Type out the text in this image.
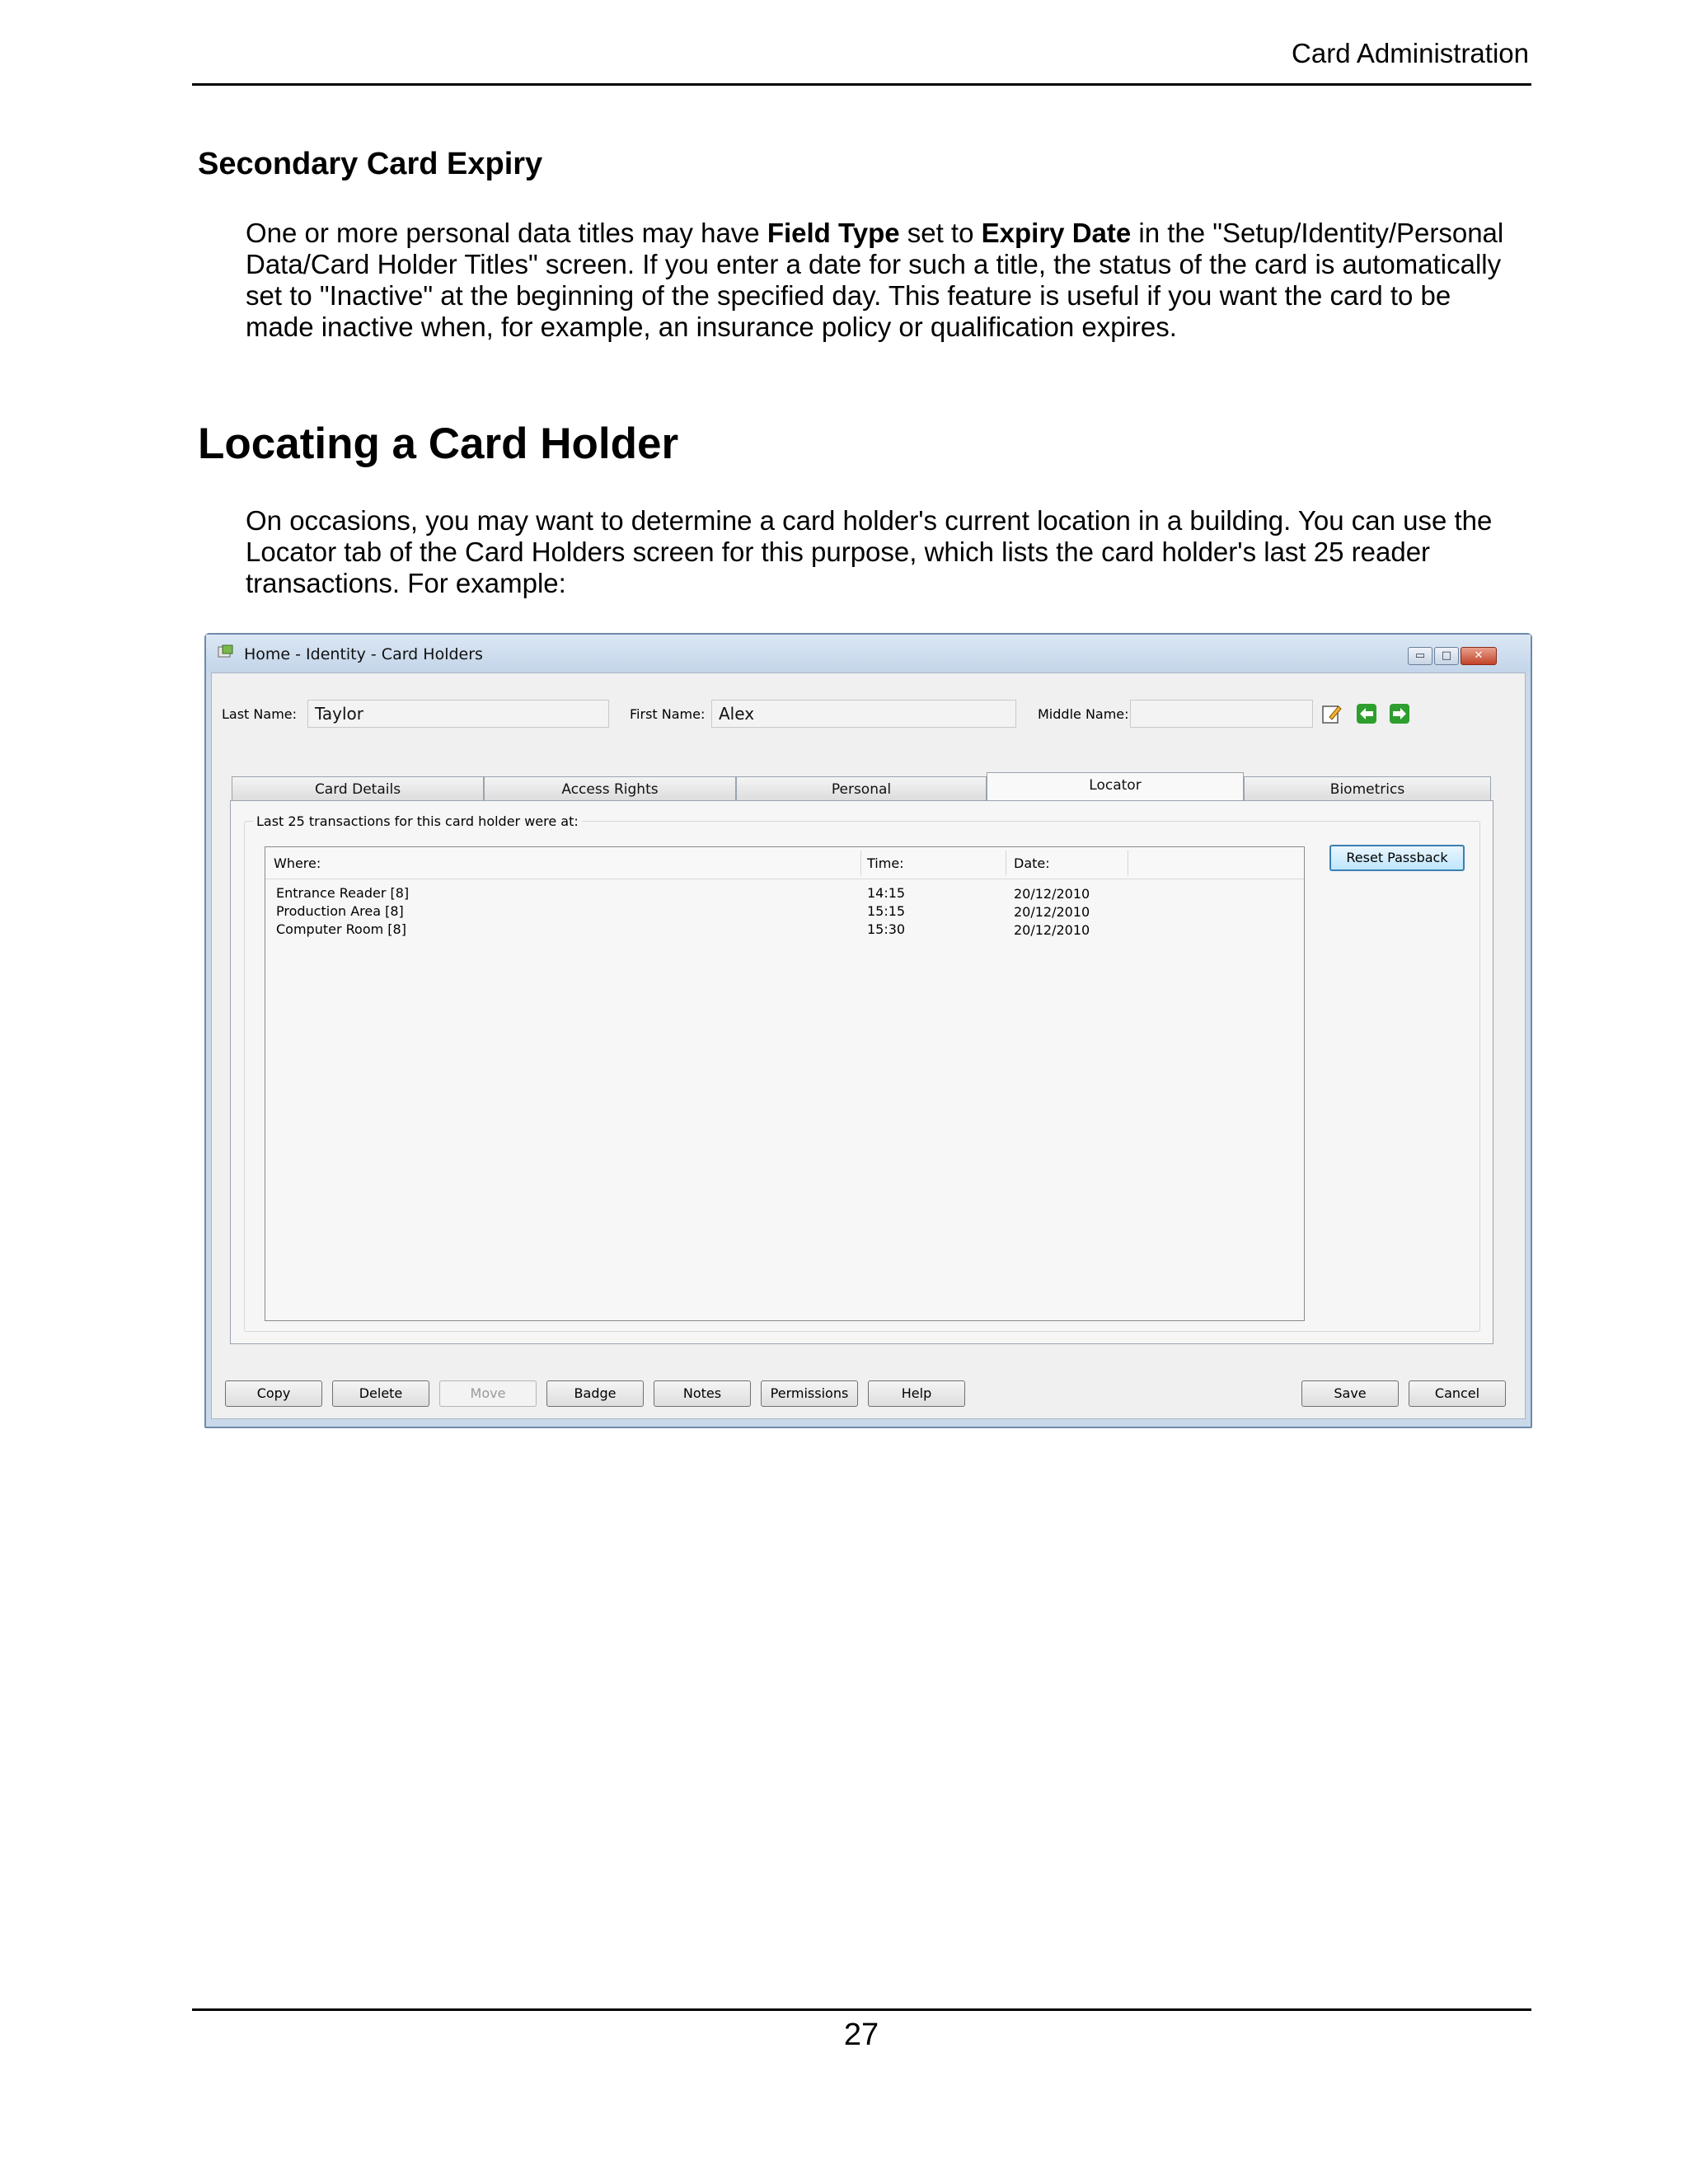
Card Administration
Secondary Card Expiry
One or more personal data titles may have Field Type set to Expiry Date in the "Setup/Identity/Personal
Data/Card Holder Titles" screen. If you enter a date for such a title, the status of the card is automatically
set to "Inactive" at the beginning of the specified day. This feature is useful if you want the card to be
made inactive when, for example, an insurance policy or qualification expires.
Locating a Card Holder
On occasions, you may want to determine a card holder's current location in a building. You can use the
Locator tab of the Card Holders screen for this purpose, which lists the card holder's last 25 reader
transactions. For example:
Home - Identity - Card Holders	▭	□	✕
Last Name:	Taylor	First Name: Alex	Middle Name:
Card Details	Access Rights	Personal	Locator	Biometrics
Last 25 transactions for this card holder were at:
Where:	Time:	Date:
Entrance Reader [8]	14:15	20/12/2010
Production Area [8]	15:15	20/12/2010
Computer Room [8]	15:30	20/12/2010
Reset Passback
Copy	Delete	Move	Badge	Notes	Permissions	Help	Save	Cancel
27
